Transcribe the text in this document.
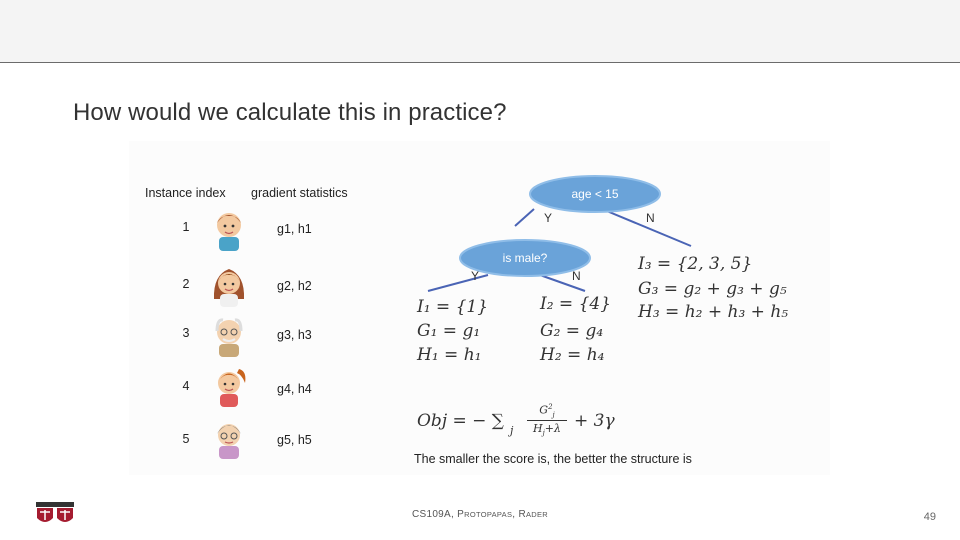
How would we calculate this in practice?
Instance index gradient statistics
1	g1, h1
2	g2, h2
3	g3, h3
4	g4, h4
5	g5, h5
age < 15
is male?
Y	N
Y	N
I₁ = {1}
G₁ = g₁
H₁ = h₁
I₂ = {4}
G₂ = g₄
H₂ = h₄
I₃ = {2, 3, 5}
G₃ = g₂ + g₃ + g₅
H₃ = h₂ + h₃ + h₅
Obj = − ∑ j
$G^2_j$
$H_j+\lambda + 3\gamma$
The smaller the score is, the better the structure is
CS109A, PROTOPAPAS, RADER	49
